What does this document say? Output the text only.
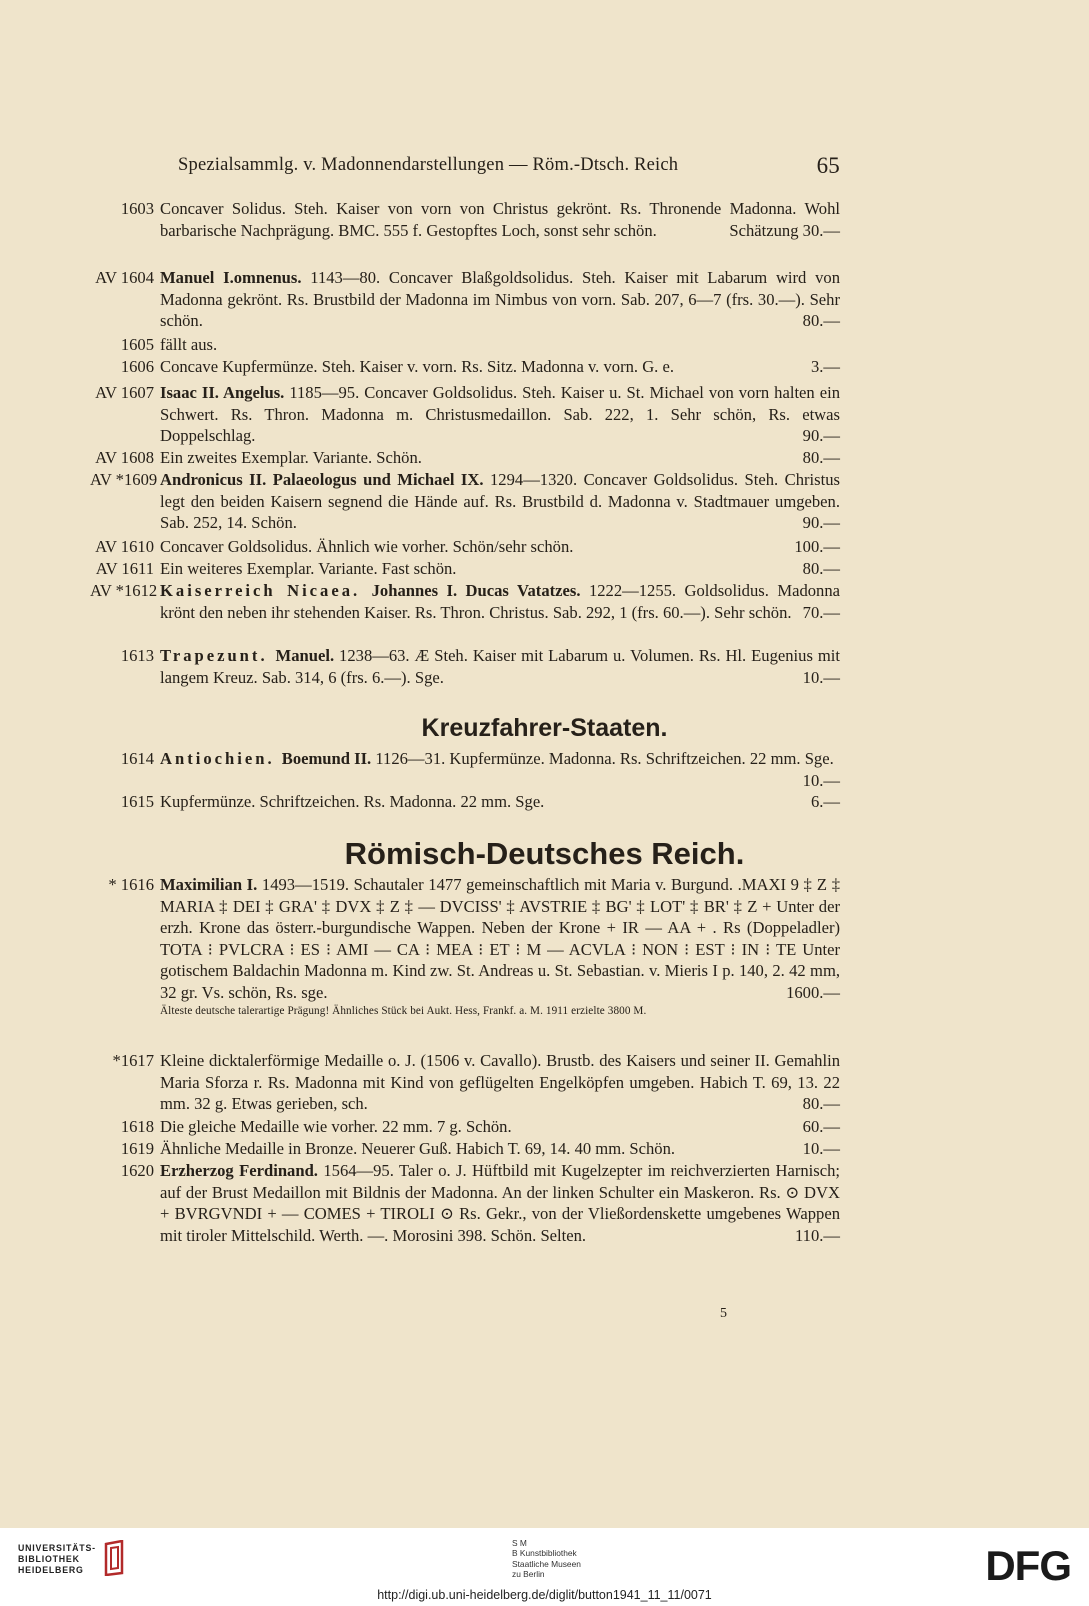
Spezialsammlg. v. Madonnendarstellungen — Röm.-Dtsch. Reich	65
1603 Concaver Solidus. Steh. Kaiser von vorn von Christus gekrönt. Rs. Thronende Madonna. Wohl barbarische Nachprägung. BMC. 555 f. Gestopftes Loch, sonst sehr schön.	Schätzung 30.—
AV 1604 Manuel I.omnenus. 1143—80. Concaver Blaßgoldsolidus. Steh. Kaiser mit Labarum wird von Madonna gekrönt. Rs. Brustbild der Madonna im Nimbus von vorn. Sab. 207, 6—7 (frs. 30.—). Sehr schön.	80.—
1605 fällt aus.
1606 Concave Kupfermünze. Steh. Kaiser v. vorn. Rs. Sitz. Madonna v. vorn. G. e.	3.—
AV 1607 Isaac II. Angelus. 1185—95. Concaver Goldsolidus. Steh. Kaiser u. St. Michael von vorn halten ein Schwert. Rs. Thron. Madonna m. Christusmedaillon. Sab. 222, 1. Sehr schön, Rs. etwas Doppelschlag.	90.—
AV 1608 Ein zweites Exemplar. Variante. Schön.	80.—
AV *1609 Andronicus II. Palaeologus und Michael IX. 1294—1320. Concaver Goldsolidus. Steh. Christus legt den beiden Kaisern segnend die Hände auf. Rs. Brustbild d. Madonna v. Stadtmauer umgeben. Sab. 252, 14. Schön.	90.—
AV 1610 Concaver Goldsolidus. Ähnlich wie vorher. Schön/sehr schön.	100.—
AV 1611 Ein weiteres Exemplar. Variante. Fast schön.	80.—
AV *1612 Kaiserreich Nicaea. Johannes I. Ducas Vatatzes. 1222—1255. Goldsolidus. Madonna krönt den neben ihr stehenden Kaiser. Rs. Thron. Christus. Sab. 292, 1 (frs. 60.—). Sehr schön. 70.—
1613 Trapezunt. Manuel. 1238—63. Æ Steh. Kaiser mit Labarum u. Volumen. Rs. Hl. Eugenius mit langem Kreuz. Sab. 314, 6 (frs. 6.—). Sge.	10.—
Kreuzfahrer-Staaten.
1614 Antiochien. Boemund II. 1126—31. Kupfermünze. Madonna. Rs. Schriftzeichen. 22 mm. Sge.
10.—
1615 Kupfermünze. Schriftzeichen. Rs. Madonna. 22 mm. Sge.	6.—
Römisch-Deutsches Reich.
* 1616 Maximilian I. 1493—1519. Schautaler 1477 gemeinschaftlich mit Maria v. Burgund. .MAXI 9 ‡ Z ‡ MARIA ‡ DEI ‡ GRA' ‡ DVX ‡ Z ‡ — DVCISS' ‡ AVSTRIE ‡ BG' ‡ LOT' ‡ BR' ‡ Z + Unter der erzh. Krone das österr.-burgundische Wappen. Neben der Krone + IR — AA + . Rs (Doppeladler) TOTA ⁝ PVLCRA ⁝ ES ⁝ AMI — CA ⁝ MEA ⁝ ET ⁝ M — ACVLA ⁝ NON ⁝ EST ⁝ IN ⁝ TE Unter gotischem Baldachin Madonna m. Kind zw. St. Andreas u. St. Sebastian. v. Mieris I p. 140, 2. 42 mm, 32 gr. Vs. schön, Rs. sge.	1600.—
Älteste deutsche talerartige Prägung! Ähnliches Stück bei Aukt. Hess, Frankf. a. M. 1911 erzielte 3800 M.
*1617 Kleine dicktalerförmige Medaille o. J. (1506 v. Cavallo). Brustb. des Kaisers und seiner II. Gemahlin Maria Sforza r. Rs. Madonna mit Kind von geflügelten Engelköpfen umgeben. Habich T. 69, 13. 22 mm. 32 g. Etwas gerieben, sch.	80.—
1618 Die gleiche Medaille wie vorher. 22 mm. 7 g. Schön.	60.—
1619 Ähnliche Medaille in Bronze. Neuerer Guß. Habich T. 69, 14. 40 mm. Schön.	10.—
1620 Erzherzog Ferdinand. 1564—95. Taler o. J. Hüftbild mit Kugelzepter im reichverzierten Harnisch; auf der Brust Medaillon mit Bildnis der Madonna. An der linken Schulter ein Maskeron. Rs. ⊙ DVX + BVRGVNDI + — COMES + TIROLI ⊙ Rs. Gekr., von der Vließordenskette umgebenes Wappen mit tiroler Mittelschild. Werth. —. Morosini 398. Schön. Selten.	110.—
5
UNIVERSITÄTS-
BIBLIOTHEK
HEIDELBERG
S M
B Kunstbibliothek
Staatliche Museen
zu Berlin	DFG
http://digi.ub.uni-heidelberg.de/diglit/button1941_11_11/0071
